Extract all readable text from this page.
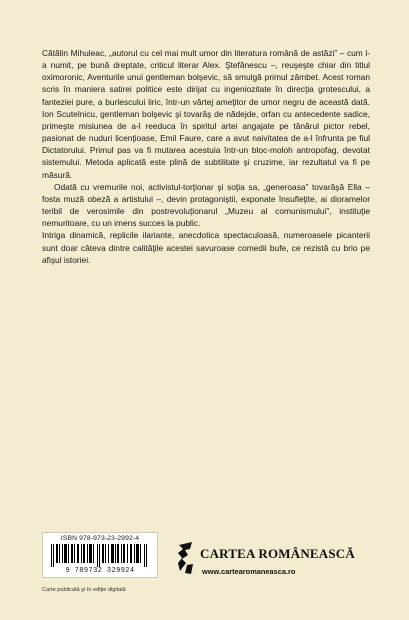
Cătălin Mihuleac, „autorul cu cel mai mult umor din literatura română de astăzi” – cum l-a numit, pe bună dreptate, criticul literar Alex. Ştefănescu –, reuşeşte chiar din titlul oximoronic, Aventurile unui gentleman bolşevic, să smulgă primul zâmbet. Acest roman scris în maniera satirei politice este dirijat cu ingeniozitate în direcţia grotescului, a fanteziei pure, a burlescului liric, într-un vârtej ameţitor de umor negru de această dată. Ion Scutelnicu, gentleman bolşevic şi tovarăş de nădejde, orfan cu antecedente sadice, primeşte misiunea de a-l reeduca în spiritul artei angajate pe tânărul pictor rebel, pasionat de nuduri licenţioase, Emil Faure, care a avut naivitatea de a-l înfrunta pe fiul Dictatorului. Primul pas va fi mutarea acestuia într-un bloc-moloh antropofag, devotat sistemului. Metoda aplicată este plină de subtilitate şi cruzime, iar rezultatul va fi pe măsură.

Odată cu vremurile noi, activistul-torţionar şi soţia sa, „generoasa” tovarăşă Ella – fosta muză obeză a artistului –, devin protagoniştii, exponate însufleţite, ai dioramelor teribil de verosimile din postrevoluţionarul „Muzeu al comunismului”, instituţie nemuritoare, cu un imens succes la public.

Intriga dinamică, replicile ilariante, anecdotica spectaculoasă, numeroasele picanterii sunt doar câteva dintre calităţile acestei savuroase comedii bufe, ce rezistă cu brio pe afişul istoriei.

ISBN 978-973-23-2992-4
9 789732 329924
Carte publicată şi în ediţie digitală
CARTEA ROMÂNEASCĂ
www.cartearomaneasca.ro
